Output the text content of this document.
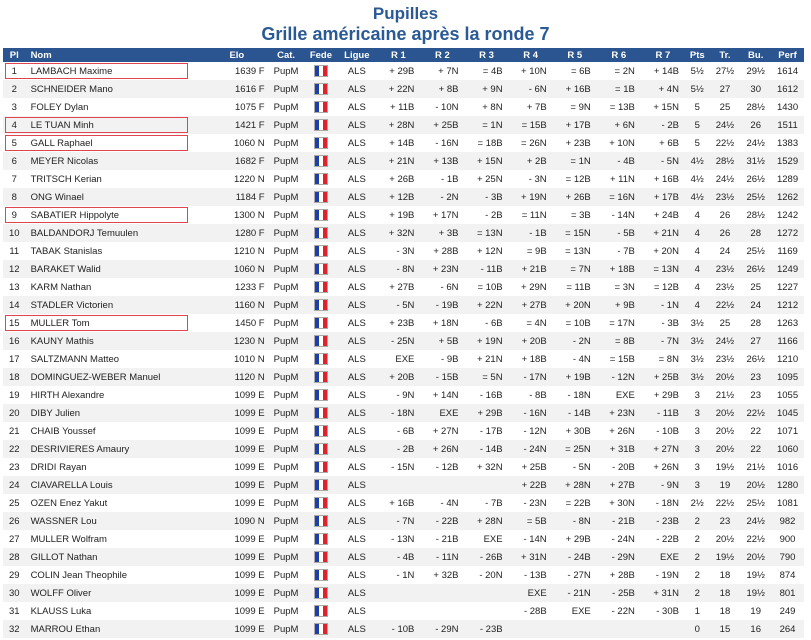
Pupilles
Grille américaine après la ronde 7
Pl	Nom	Elo	Cat.	Fede	Ligue	R 1	R 2	R 3	R 4	R 5	R 6	R 7	Pts	Tr.	Bu.	Perf
1	LAMBACH Maxime	1639 F	PupM		ALS	+ 29B	+ 7N	= 4B	+ 10N	= 6B	= 2N	+ 14B	5½	27½	29½	1614
2	SCHNEIDER Mano	1616 F	PupM		ALS	+ 22N	+ 8B	+ 9N	- 6N	+ 16B	= 1B	+ 4N	5½	27	30	1612
3	FOLEY Dylan	1075 F	PupM		ALS	+ 11B	- 10N	+ 8N	+ 7B	= 9N	= 13B	+ 15N	5	25	28½	1430
4	LE TUAN Minh	1421 F	PupM		ALS	+ 28N	+ 25B	= 1N	= 15B	+ 17B	+ 6N	- 2B	5	24½	26	1511
5	GALL Raphael	1060 N	PupM		ALS	+ 14B	- 16N	= 18B	= 26N	+ 23B	+ 10N	+ 6B	5	22½	24½	1383
6	MEYER Nicolas	1682 F	PupM		ALS	+ 21N	+ 13B	+ 15N	+ 2B	= 1N	- 4B	- 5N	4½	28½	31½	1529
7	TRITSCH Kerian	1220 N	PupM		ALS	+ 26B	- 1B	+ 25N	- 3N	= 12B	+ 11N	+ 16B	4½	24½	26½	1289
8	ONG Winael	1184 F	PupM		ALS	+ 12B	- 2N	- 3B	+ 19N	+ 26B	= 16N	+ 17B	4½	23½	25½	1262
9	SABATIER Hippolyte	1300 N	PupM		ALS	+ 19B	+ 17N	- 2B	= 11N	= 3B	- 14N	+ 24B	4	26	28½	1242
10	BALDANDORJ Temuulen	1280 F	PupM		ALS	+ 32N	+ 3B	= 13N	- 1B	= 15N	- 5B	+ 21N	4	26	28	1272
11	TABAK Stanislas	1210 N	PupM		ALS	- 3N	+ 28B	+ 12N	= 9B	= 13N	- 7B	+ 20N	4	24	25½	1169
12	BARAKET Walid	1060 N	PupM		ALS	- 8N	+ 23N	- 11B	+ 21B	= 7N	+ 18B	= 13N	4	23½	26½	1249
13	KARM Nathan	1233 F	PupM		ALS	+ 27B	- 6N	= 10B	+ 29N	= 11B	= 3N	= 12B	4	23½	25	1227
14	STADLER Victorien	1160 N	PupM		ALS	- 5N	- 19B	+ 22N	+ 27B	+ 20N	+ 9B	- 1N	4	22½	24	1212
15	MULLER Tom	1450 F	PupM		ALS	+ 23B	+ 18N	- 6B	= 4N	= 10B	= 17N	- 3B	3½	25	28	1263
16	KAUNY Mathis	1230 N	PupM		ALS	- 25N	+ 5B	+ 19N	+ 20B	- 2N	= 8B	- 7N	3½	24½	27	1166
17	SALTZMANN Matteo	1010 N	PupM		ALS	EXE	- 9B	+ 21N	+ 18B	- 4N	= 15B	= 8N	3½	23½	26½	1210
18	DOMINGUEZ-WEBER Manuel	1120 N	PupM		ALS	+ 20B	- 15B	= 5N	- 17N	+ 19B	- 12N	+ 25B	3½	20½	23	1095
19	HIRTH Alexandre	1099 E	PupM		ALS	- 9N	+ 14N	- 16B	- 8B	- 18N	EXE	+ 29B	3	21½	23	1055
20	DIBY Julien	1099 E	PupM		ALS	- 18N	EXE	+ 29B	- 16N	- 14B	+ 23N	- 11B	3	20½	22½	1045
21	CHAIB Youssef	1099 E	PupM		ALS	- 6B	+ 27N	- 17B	- 12N	+ 30B	+ 26N	- 10B	3	20½	22	1071
22	DESRIVIERES Amaury	1099 E	PupM		ALS	- 2B	+ 26N	- 14B	- 24N	= 25N	+ 31B	+ 27N	3	20½	22	1060
23	DRIDI Rayan	1099 E	PupM		ALS	- 15N	- 12B	+ 32N	+ 25B	- 5N	- 20B	+ 26N	3	19½	21½	1016
24	CIAVARELLA Louis	1099 E	PupM		ALS				+ 22B	+ 28N	+ 27B	- 9N	3	19	20½	1280
25	OZEN Enez Yakut	1099 E	PupM		ALS	+ 16B	- 4N	- 7B	- 23N	= 22B	+ 30N	- 18N	2½	22½	25½	1081
26	WASSNER Lou	1090 N	PupM		ALS	- 7N	- 22B	+ 28N	= 5B	- 8N	- 21B	- 23B	2	23	24½	982
27	MULLER Wolfram	1099 E	PupM		ALS	- 13N	- 21B	EXE	- 14N	+ 29B	- 24N	- 22B	2	20½	22½	900
28	GILLOT Nathan	1099 E	PupM		ALS	- 4B	- 11N	- 26B	+ 31N	- 24B	- 29N	EXE	2	19½	20½	790
29	COLIN Jean Theophile	1099 E	PupM		ALS	- 1N	+ 32B	- 20N	- 13B	- 27N	+ 28B	- 19N	2	18	19½	874
30	WOLFF Oliver	1099 E	PupM		ALS				EXE	- 21N	- 25B	+ 31N	2	18	19½	801
31	KLAUSS Luka	1099 E	PupM		ALS				- 28B	EXE	- 22N	- 30B	1	18	19	249
32	MARROU Ethan	1099 E	PupM		ALS	- 10B	- 29N	- 23B					0	15	16	264
